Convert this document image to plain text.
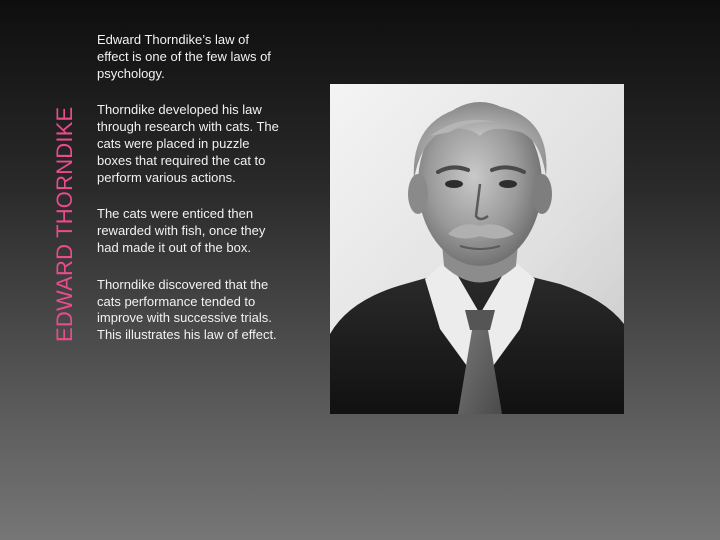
EDWARD THORNDIKE

Edward Thorndike’s law of effect is one of the few laws of psychology.

Thorndike developed his law through research with cats. The cats were placed in puzzle boxes that required the cat to perform various actions.

The cats were enticed then rewarded with fish, once they had made it out of the box.

Thorndike discovered that the cats performance tended to improve with successive trials. This illustrates his law of effect.
